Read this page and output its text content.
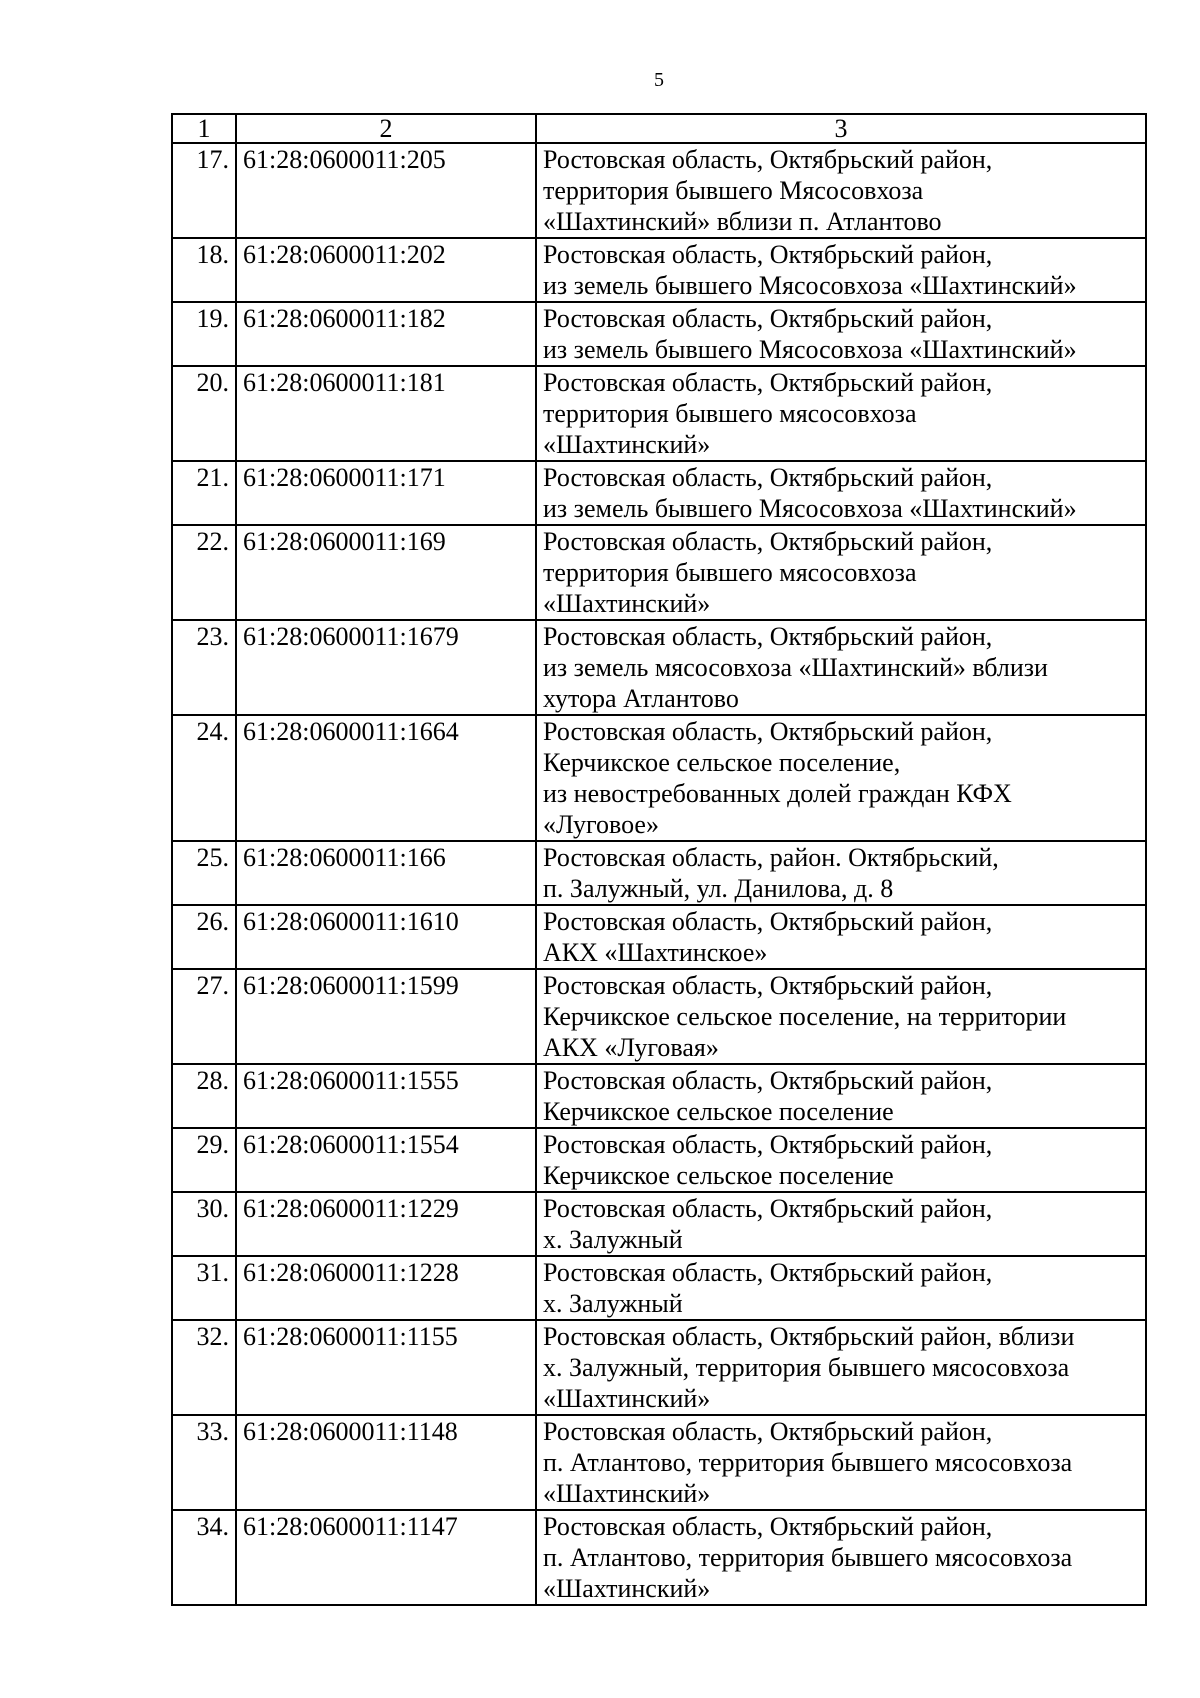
5
1	2	3
17.	61:28:0600011:205	Ростовская область, Октябрьский район,
территория бывшего Мясосовхоза
«Шахтинский» вблизи п. Атлантово

18.	61:28:0600011:202	Ростовская область, Октябрьский район,
из земель бывшего Мясосовхоза «Шахтинский»

19.	61:28:0600011:182	Ростовская область, Октябрьский район,
из земель бывшего Мясосовхоза «Шахтинский»

20.	61:28:0600011:181	Ростовская область, Октябрьский район,
территория бывшего мясосовхоза
«Шахтинский»

21.	61:28:0600011:171	Ростовская область, Октябрьский район,
из земель бывшего Мясосовхоза «Шахтинский»

22.	61:28:0600011:169	Ростовская область, Октябрьский район,
территория бывшего мясосовхоза
«Шахтинский»

23.	61:28:0600011:1679	Ростовская область, Октябрьский район,
из земель мясосовхоза «Шахтинский» вблизи
хутора Атлантово

24.	61:28:0600011:1664	Ростовская область, Октябрьский район,
Керчикское сельское поселение,
из невостребованных долей граждан КФХ
«Луговое»

25.	61:28:0600011:166	Ростовская область, район. Октябрьский,
п. Залужный, ул. Данилова, д. 8

26.	61:28:0600011:1610	Ростовская область, Октябрьский район,
АКХ «Шахтинское»

27.	61:28:0600011:1599	Ростовская область, Октябрьский район,
Керчикское сельское поселение, на территории
АКХ «Луговая»

28.	61:28:0600011:1555	Ростовская область, Октябрьский район,
Керчикское сельское поселение

29.	61:28:0600011:1554	Ростовская область, Октябрьский район,
Керчикское сельское поселение

30.	61:28:0600011:1229	Ростовская область, Октябрьский район,
х. Залужный

31.	61:28:0600011:1228	Ростовская область, Октябрьский район,
х. Залужный

32.	61:28:0600011:1155	Ростовская область, Октябрьский район, вблизи
х. Залужный, территория бывшего мясосовхоза
«Шахтинский»

33.	61:28:0600011:1148	Ростовская область, Октябрьский район,
п. Атлантово, территория бывшего мясосовхоза
«Шахтинский»

34.	61:28:0600011:1147	Ростовская область, Октябрьский район,
п. Атлантово, территория бывшего мясосовхоза
«Шахтинский»
